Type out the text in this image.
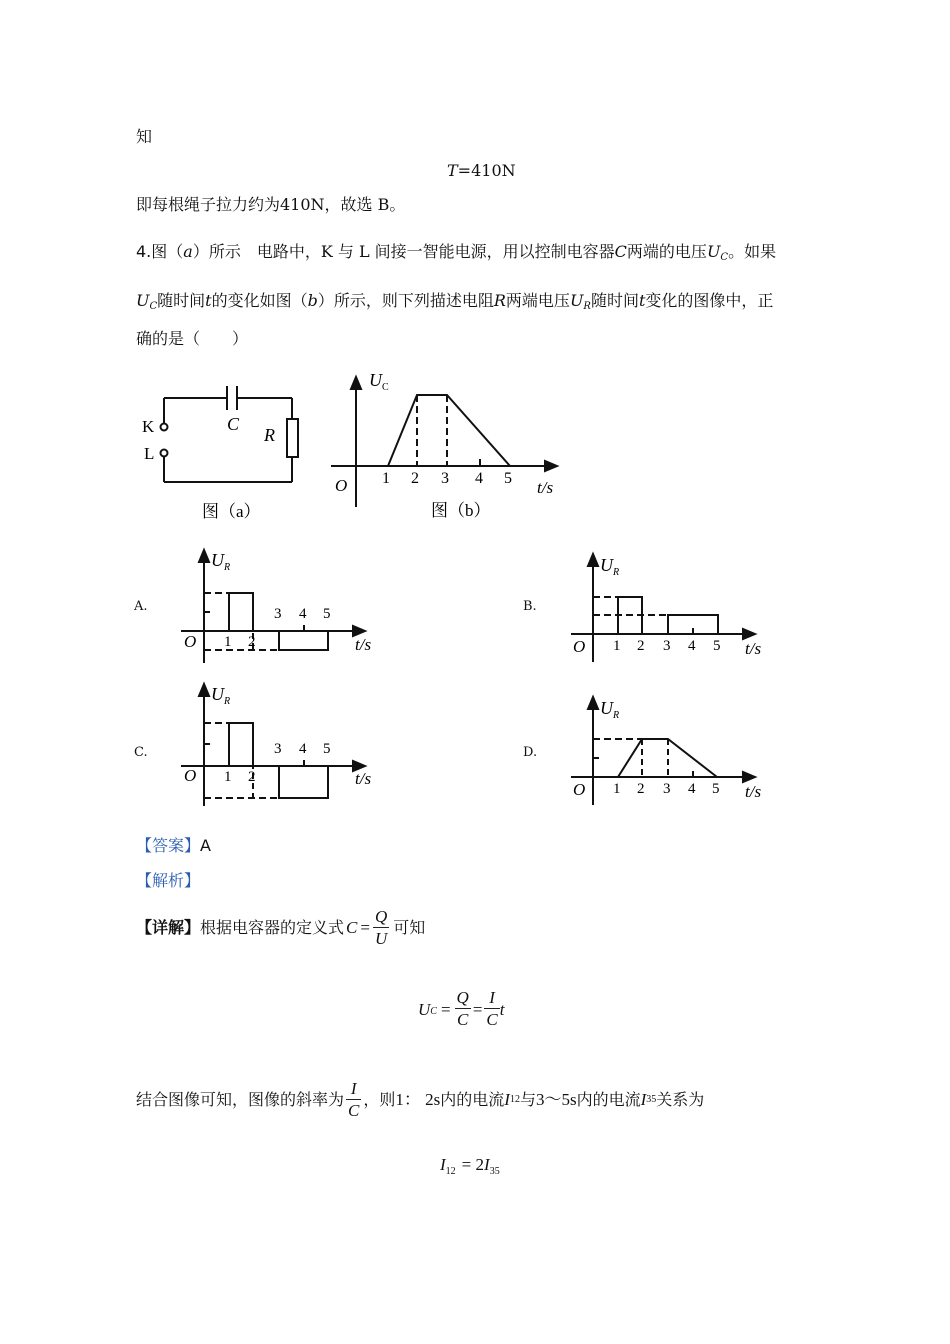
知
T=410N
即每根绳子拉力约为410N，故选 B。
4.图（a）所示　电路中，K 与 L 间接一智能电源，用以控制电容器C两端的电压$U_C$。如果
$U_C$随时间t的变化如图（b）所示，则下列描述电阻R两端电压$U_R$随时间t变化的图像中，正
确的是（　　）
K
L
C
R
图（a）
$U_C$
O 1 2 3 4 5 t/s
图（b）
A.
$U_R$
O 1 2
3 4 5
t/s
B.
$U_R$
O 1 2 3 4 5 t/s
C.
$U_R$
O 1 2
3 4 5
t/s
D.
$U_R$
O 1 2 3 4 5 t/s
【答案】A
【解析】
【详解】 根据电容器的定义式 $C = \frac{Q}{U}$ 可知
U $C = \frac{Q}{C} = \frac{I}{C}$ t
结合图像可知，图像的斜率为 $\frac{I}{C}$ ，则 1： 2s 内的电流 I 12 与 3～5s 内的电流 I 35 关系为
I 12 = 2 I 35
